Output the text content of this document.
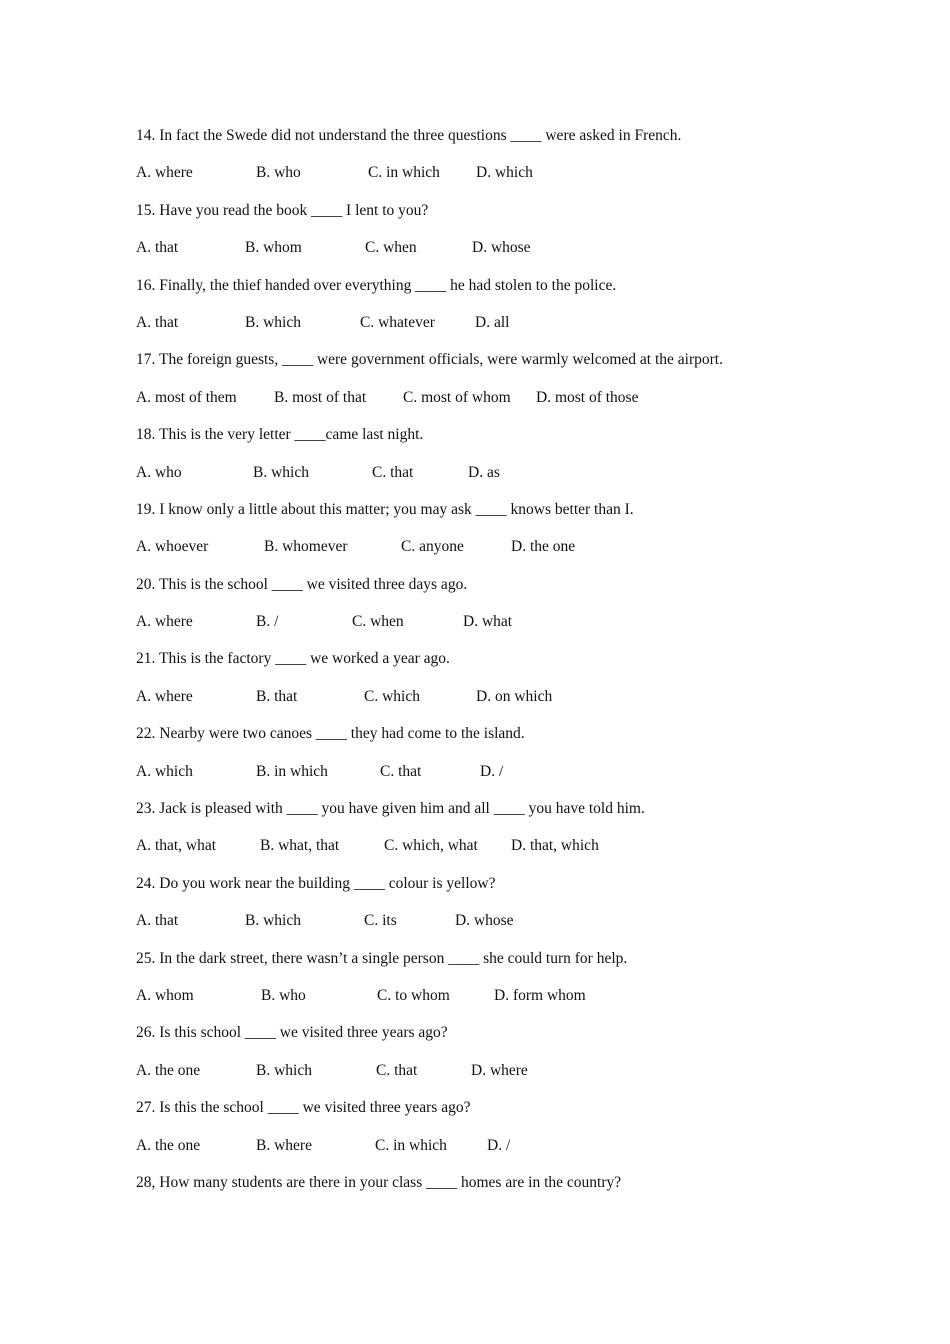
14. In fact the Swede did not understand the three questions ____ were asked in French.
A. where	B. who	C. in which D. which
15. Have you read the book ____ I lent to you?
A. that	B. whom	C. when	D. whose
16. Finally, the thief handed over everything ____ he had stolen to the police.
A. that	B. which	C. whatever	D. all
17. The foreign guests, ____ were government officials, were warmly welcomed at the airport.
A. most of them B. most of that C. most of whom D. most of those
18. This is the very letter ____came last night.
A. who	B. which	C. that	D. as
19. I know only a little about this matter; you may ask ____ knows better than I.
A. whoever	B. whomever	C. anyone	D. the one
20. This is the school ____ we visited three days ago.
A. where	B. /	C. when	D. what
21. This is the factory ____ we worked a year ago.
A. where	B. that	C. which	D. on which
22. Nearby were two canoes ____ they had come to the island.
A. which	B. in which	C. that	D. /
23. Jack is pleased with ____ you have given him and all ____ you have told him.
A. that, what	B. what, that	C. which, what D. that, which
24. Do you work near the building ____ colour is yellow?
A. that	B. which	C. its	D. whose
25. In the dark street, there wasn’t a single person ____ she could turn for help.
A. whom	B. who	C. to whom	D. form whom
26. Is this school ____ we visited three years ago?
A. the one	B. which	C. that	D. where
27. Is this the school ____ we visited three years ago?
A. the one	B. where	C. in which	D. /
28, How many students are there in your class ____ homes are in the country?
